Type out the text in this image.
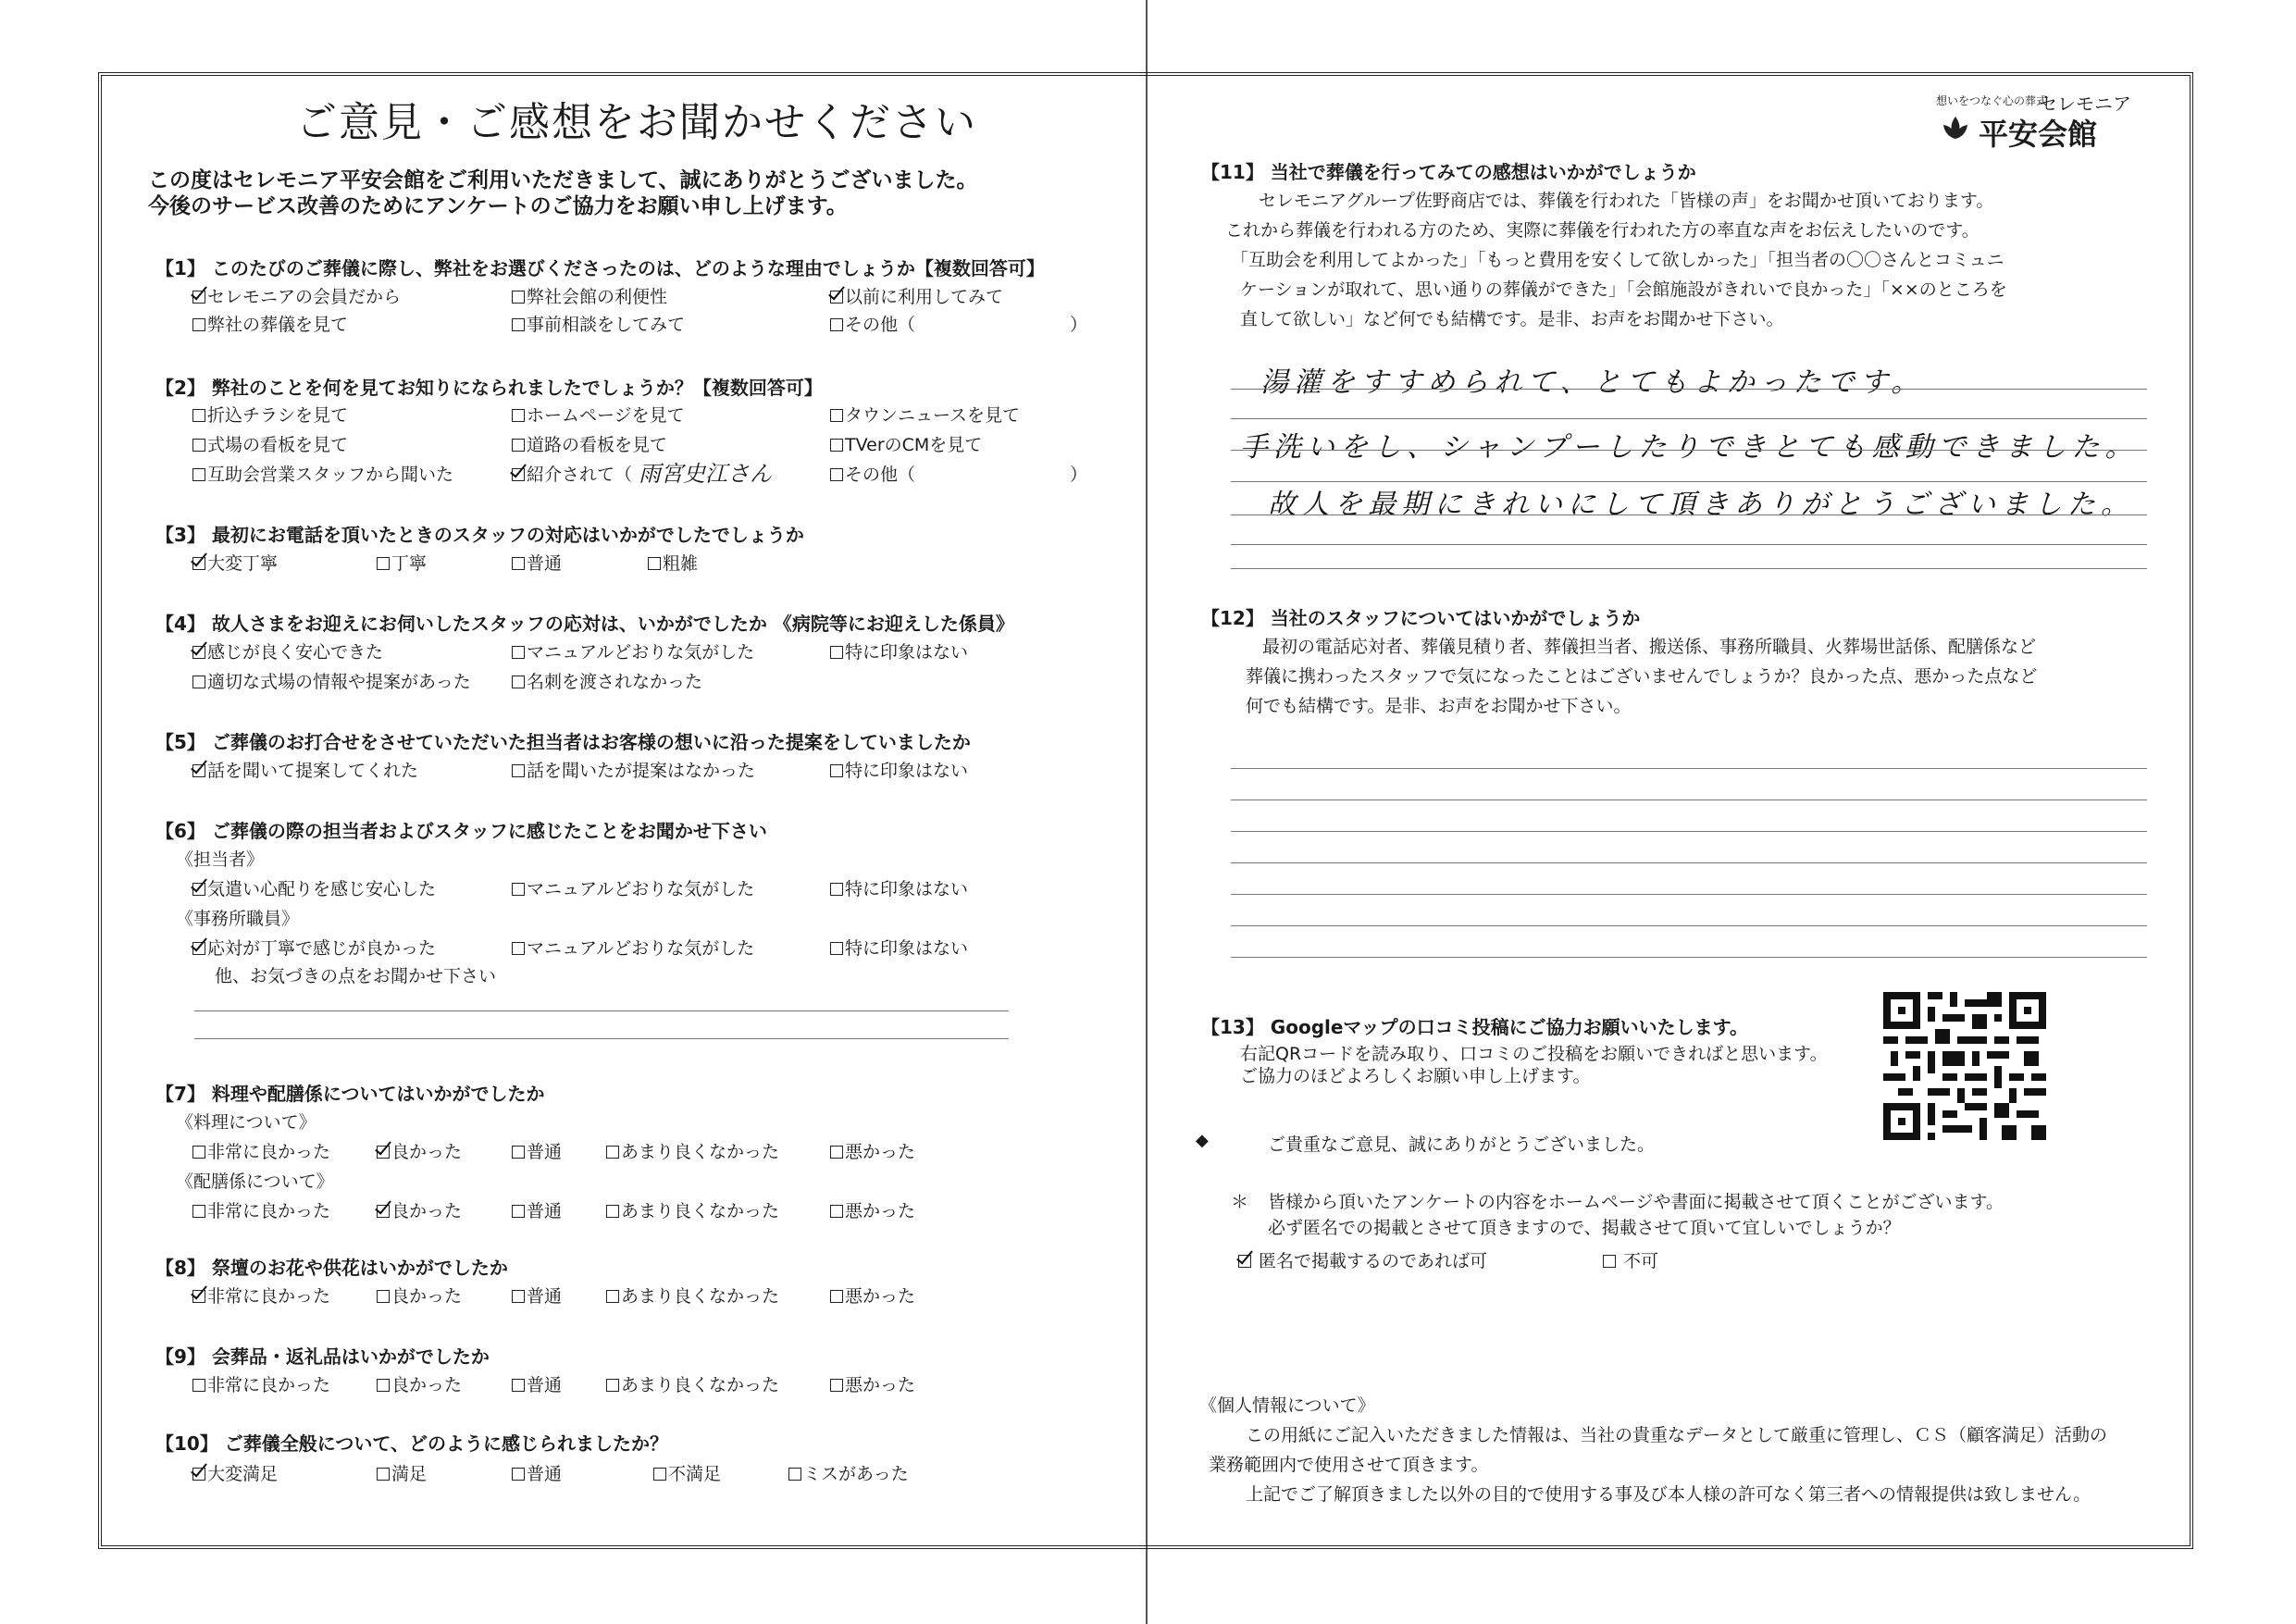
ご意見・ご感想をお聞かせください
この度はセレモニア平安会館をご利用いただきまして、誠にありがとうございました。
今後のサービス改善のためにアンケートのご協力をお願い申し上げます。
【1】 このたびのご葬儀に際し、弊社をお選びくださったのは、どのような理由でしょうか【複数回答可】
セレモニアの会員だから	弊社会館の利便性	以前に利用してみて
弊社の葬儀を見て	事前相談をしてみて	その他（	）
【2】 弊社のことを何を見てお知りになられましたでしょうか？【複数回答可】
折込チラシを見て	ホームページを見て	タウンニュースを見て
式場の看板を見て	道路の看板を見て	TVerのCMを見て
互助会営業スタッフから聞いた	紹介されて（ 雨宮史江さん	その他（	）
【3】 最初にお電話を頂いたときのスタッフの対応はいかがでしたでしょうか
大変丁寧	丁寧	普通	粗雑
【4】 故人さまをお迎えにお伺いしたスタッフの応対は、いかがでしたか 《病院等にお迎えした係員》
感じが良く安心できた	マニュアルどおりな気がした	特に印象はない
適切な式場の情報や提案があった	名刺を渡されなかった
【5】 ご葬儀のお打合せをさせていただいた担当者はお客様の想いに沿った提案をしていましたか
話を聞いて提案してくれた	話を聞いたが提案はなかった	特に印象はない
【6】 ご葬儀の際の担当者およびスタッフに感じたことをお聞かせ下さい
《担当者》
気遣い心配りを感じ安心した	マニュアルどおりな気がした	特に印象はない
《事務所職員》
応対が丁寧で感じが良かった	マニュアルどおりな気がした	特に印象はない
他、お気づきの点をお聞かせ下さい
【7】 料理や配膳係についてはいかがでしたか
《料理について》
非常に良かった	良かった	普通	あまり良くなかった	悪かった
《配膳係について》
非常に良かった	良かった	普通	あまり良くなかった	悪かった
【8】 祭壇のお花や供花はいかがでしたか
非常に良かった	良かった	普通	あまり良くなかった	悪かった
【9】 会葬品・返礼品はいかがでしたか
非常に良かった	良かった	普通	あまり良くなかった	悪かった
【10】 ご葬儀全般について、どのように感じられましたか？
大変満足	満足	普通	不満足	ミスがあった
想いをつなぐ心の葬式
セレモニア
平安会館
【11】 当社で葬儀を行ってみての感想はいかがでしょうか
セレモニアグループ佐野商店では、葬儀を行われた「皆様の声」をお聞かせ頂いております。
これから葬儀を行われる方のため、実際に葬儀を行われた方の率直な声をお伝えしたいのです。
「互助会を利用してよかった」「もっと費用を安くして欲しかった」「担当者の〇〇さんとコミュニ
ケーションが取れて、思い通りの葬儀ができた」「会館施設がきれいで良かった」「××のところを
直して欲しい」など何でも結構です。是非、お声をお聞かせ下さい。
湯灌をすすめられて、とてもよかったです。
手洗いをし、シャンプーしたりできとても感動できました。
故人を最期にきれいにして頂きありがとうございました。
【12】 当社のスタッフについてはいかがでしょうか
最初の電話応対者、葬儀見積り者、葬儀担当者、搬送係、事務所職員、火葬場世話係、配膳係など
葬儀に携わったスタッフで気になったことはございませんでしょうか？良かった点、悪かった点など
何でも結構です。是非、お声をお聞かせ下さい。
【13】 Googleマップの口コミ投稿にご協力お願いいたします。
右記QRコードを読み取り、口コミのご投稿をお願いできればと思います。
ご協力のほどよろしくお願い申し上げます。
◆	ご貴重なご意見、誠にありがとうございました。
＊ 皆様から頂いたアンケートの内容をホームページや書面に掲載させて頂くことがございます。
必ず匿名での掲載とさせて頂きますので、掲載させて頂いて宜しいでしょうか？
匿名で掲載するのであれば可	不可
《個人情報について》
この用紙にご記入いただきました情報は、当社の貴重なデータとして厳重に管理し、ＣＳ（顧客満足）活動の
業務範囲内で使用させて頂きます。
上記でご了解頂きました以外の目的で使用する事及び本人様の許可なく第三者への情報提供は致しません。
